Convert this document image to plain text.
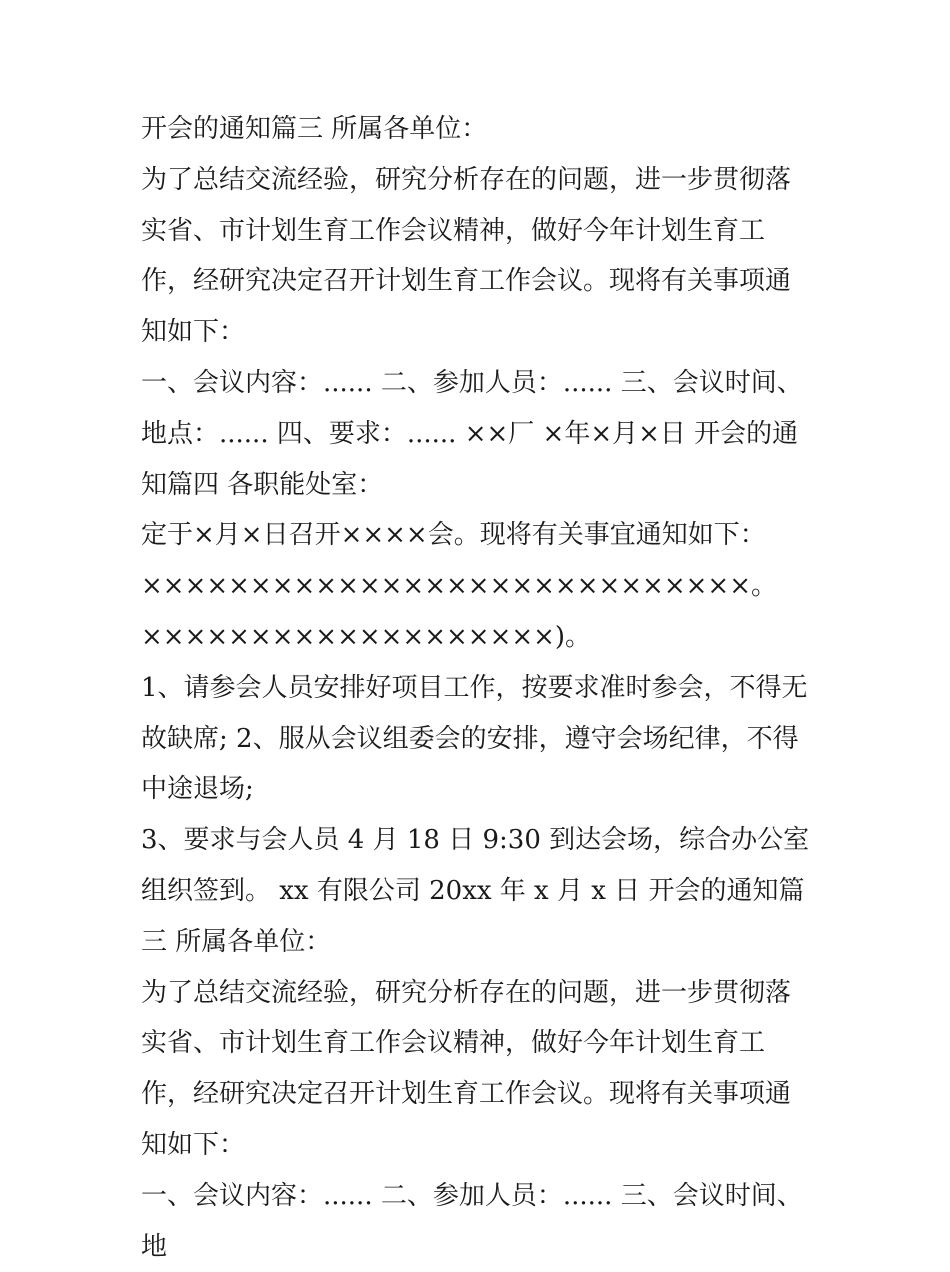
开会的通知篇三 所属各单位：

为了总结交流经验，研究分析存在的问题，进一步贯彻落实省、市计划生育工作会议精神，做好今年计划生育工作，经研究决定召开计划生育工作会议。现将有关事项通知如下：

一、会议内容：...... 二、参加人员：...... 三、会议时间、地点：...... 四、要求：...... ××厂 ×年×月×日 开会的通知篇四 各职能处室：

定于×月×日召开××××会。现将有关事宜通知如下：

××××××××××××××××××××××××××××。

×××××××××××××××××××)。

1、请参会人员安排好项目工作，按要求准时参会，不得无故缺席; 2、服从会议组委会的安排，遵守会场纪律，不得中途退场;

3、要求与会人员 4 月 18 日 9:30 到达会场，综合办公室组织签到。 xx 有限公司 20xx 年 x 月 x 日 开会的通知篇三 所属各单位：

为了总结交流经验，研究分析存在的问题，进一步贯彻落实省、市计划生育工作会议精神，做好今年计划生育工作，经研究决定召开计划生育工作会议。现将有关事项通知如下：

一、会议内容：...... 二、参加人员：...... 三、会议时间、地
